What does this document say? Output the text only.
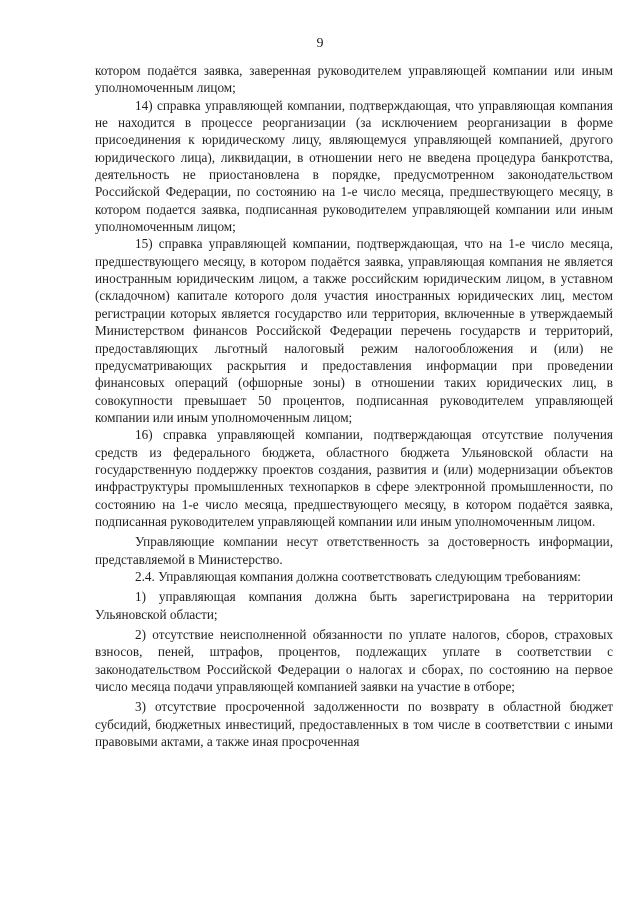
9

котором подаётся заявка, заверенная руководителем управляющей компании или иным уполномоченным лицом;

14) справка управляющей компании, подтверждающая, что управляющая компания не находится в процессе реорганизации (за исключением реорганизации в форме присоединения к юридическому лицу, являющемуся управляющей компанией, другого юридического лица), ликвидации, в отношении него не введена процедура банкротства, деятельность не приостановлена в порядке, предусмотренном законодательством Российской Федерации, по состоянию на 1-е число месяца, предшествующего месяцу, в котором подается заявка, подписанная руководителем управляющей компании или иным уполномоченным лицом;

15) справка управляющей компании, подтверждающая, что на 1-е число месяца, предшествующего месяцу, в котором подаётся заявка, управляющая компания не является иностранным юридическим лицом, а также российским юридическим лицом, в уставном (складочном) капитале которого доля участия иностранных юридических лиц, местом регистрации которых является государство или территория, включенные в утверждаемый Министерством финансов Российской Федерации перечень государств и территорий, предоставляющих льготный налоговый режим налогообложения и (или) не предусматривающих раскрытия и предоставления информации при проведении финансовых операций (офшорные зоны) в отношении таких юридических лиц, в совокупности превышает 50 процентов, подписанная руководителем управляющей компании или иным уполномоченным лицом;

16) справка управляющей компании, подтверждающая отсутствие получения средств из федерального бюджета, областного бюджета Ульяновской области на государственную поддержку проектов создания, развития и (или) модернизации объектов инфраструктуры промышленных технопарков в сфере электронной промышленности, по состоянию на 1-е число месяца, предшествующего месяцу, в котором подаётся заявка, подписанная руководителем управляющей компании или иным уполномоченным лицом.

Управляющие компании несут ответственность за достоверность информации, представляемой в Министерство.

2.4. Управляющая компания должна соответствовать следующим требованиям:

1) управляющая компания должна быть зарегистрирована на территории Ульяновской области;

2) отсутствие неисполненной обязанности по уплате налогов, сборов, страховых взносов, пеней, штрафов, процентов, подлежащих уплате в соответствии с законодательством Российской Федерации о налогах и сборах, по состоянию на первое число месяца подачи управляющей компанией заявки на участие в отборе;

3) отсутствие просроченной задолженности по возврату в областной бюджет субсидий, бюджетных инвестиций, предоставленных в том числе в соответствии с иными правовыми актами, а также иная просроченная
